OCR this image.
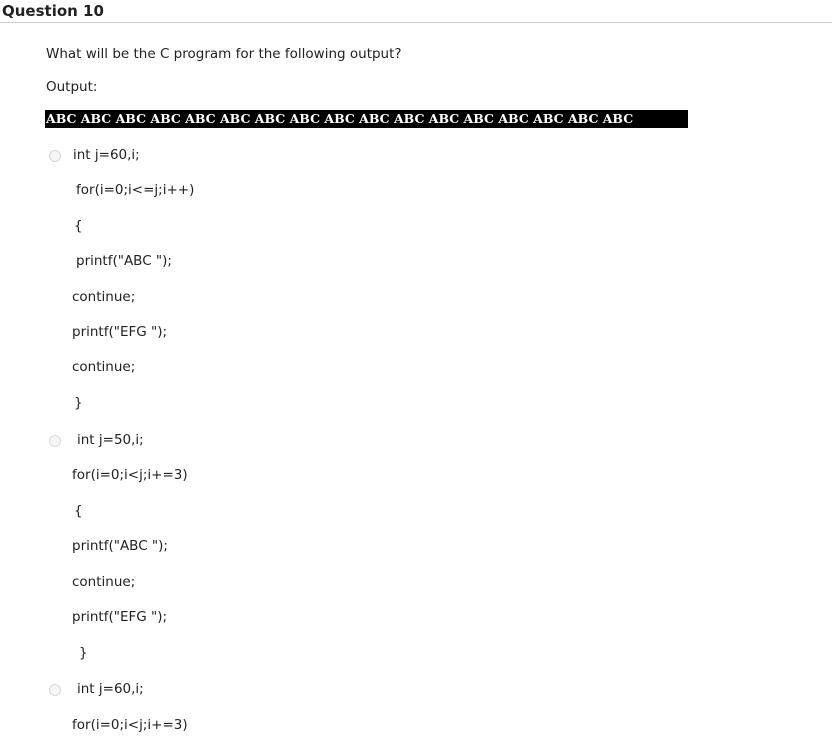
Question 10
What will be the C program for the following output?
Output:
ABC ABC ABC ABC ABC ABC ABC ABC ABC ABC ABC ABC ABC ABC ABC ABC ABC
int j=60,i;
for(i=0;i<=j;i++)
{
printf("ABC ");
continue;
printf("EFG ");
continue;
}
int j=50,i;
for(i=0;i<j;i+=3)
{
printf("ABC ");
continue;
printf("EFG ");
}
int j=60,i;
for(i=0;i<j;i+=3)
